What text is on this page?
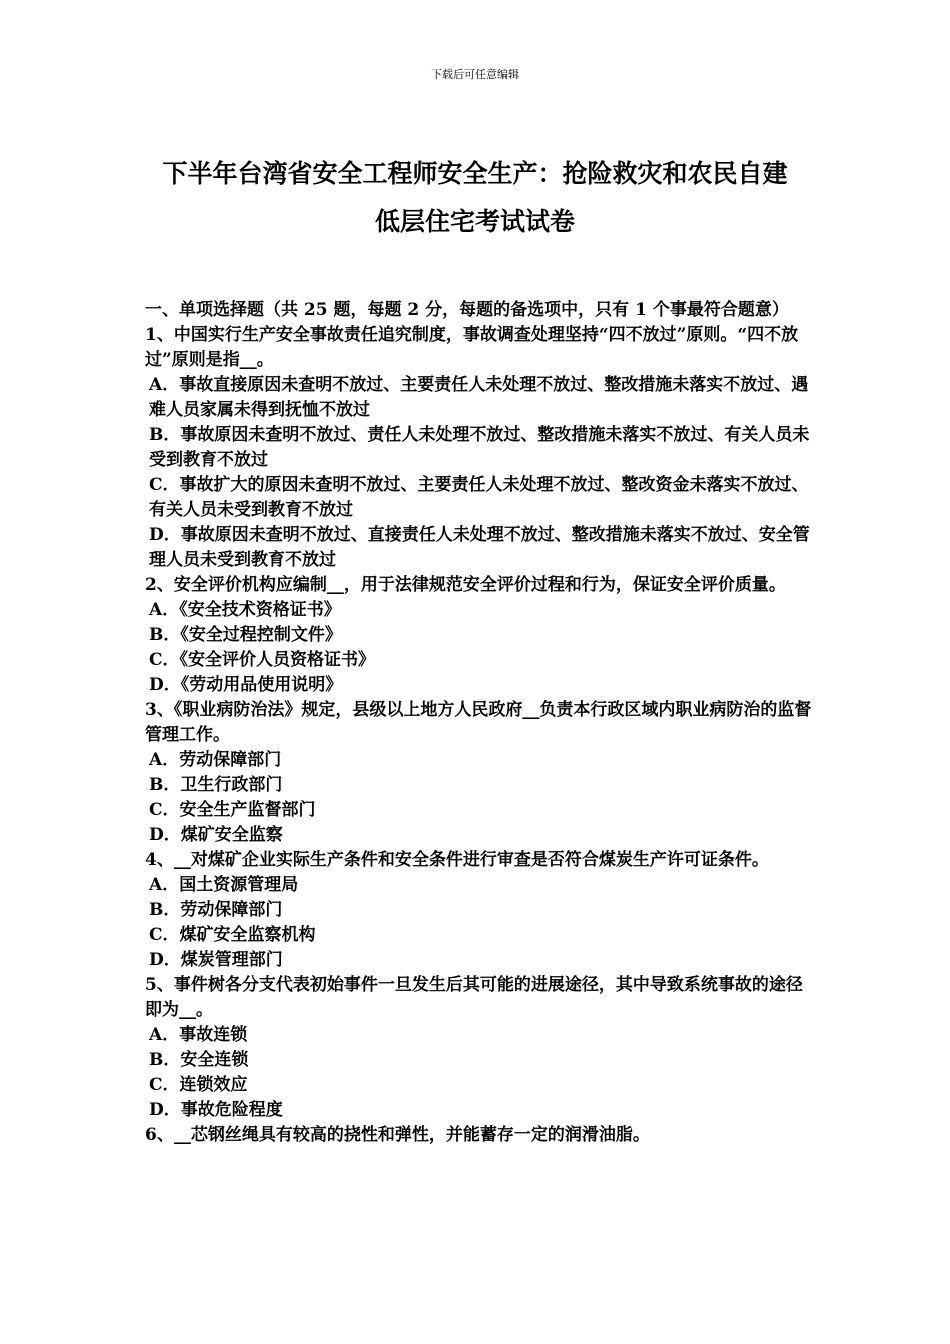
下载后可任意编辑
下半年台湾省安全工程师安全生产：抢险救灾和农民自建
低层住宅考试试卷

一、单项选择题（共 25 题，每题 2 分，每题的备选项中，只有 1 个事最符合题意）

1、中国实行生产安全事故责任追究制度，事故调查处理坚持“四不放过”原则。“四不放过”原则是指__。

A．事故直接原因未查明不放过、主要责任人未处理不放过、整改措施未落实不放过、遇难人员家属未得到抚恤不放过

B．事故原因未查明不放过、责任人未处理不放过、整改措施未落实不放过、有关人员未受到教育不放过

C．事故扩大的原因未查明不放过、主要责任人未处理不放过、整改资金未落实不放过、有关人员未受到教育不放过

D．事故原因未查明不放过、直接责任人未处理不放过、整改措施未落实不放过、安全管理人员未受到教育不放过

2、安全评价机构应编制__，用于法律规范安全评价过程和行为，保证安全评价质量。

A．《安全技术资格证书》

B．《安全过程控制文件》

C．《安全评价人员资格证书》

D．《劳动用品使用说明》

3、《职业病防治法》规定，县级以上地方人民政府__负责本行政区域内职业病防治的监督管理工作。

A．劳动保障部门

B．卫生行政部门

C．安全生产监督部门

D．煤矿安全监察

4、__对煤矿企业实际生产条件和安全条件进行审查是否符合煤炭生产许可证条件。

A．国土资源管理局

B．劳动保障部门

C．煤矿安全监察机构

D．煤炭管理部门

5、事件树各分支代表初始事件一旦发生后其可能的进展途径，其中导致系统事故的途径即为__。

A．事故连锁

B．安全连锁

C．连锁效应

D．事故危险程度

6、__芯钢丝绳具有较高的挠性和弹性，并能蓄存一定的润滑油脂。
